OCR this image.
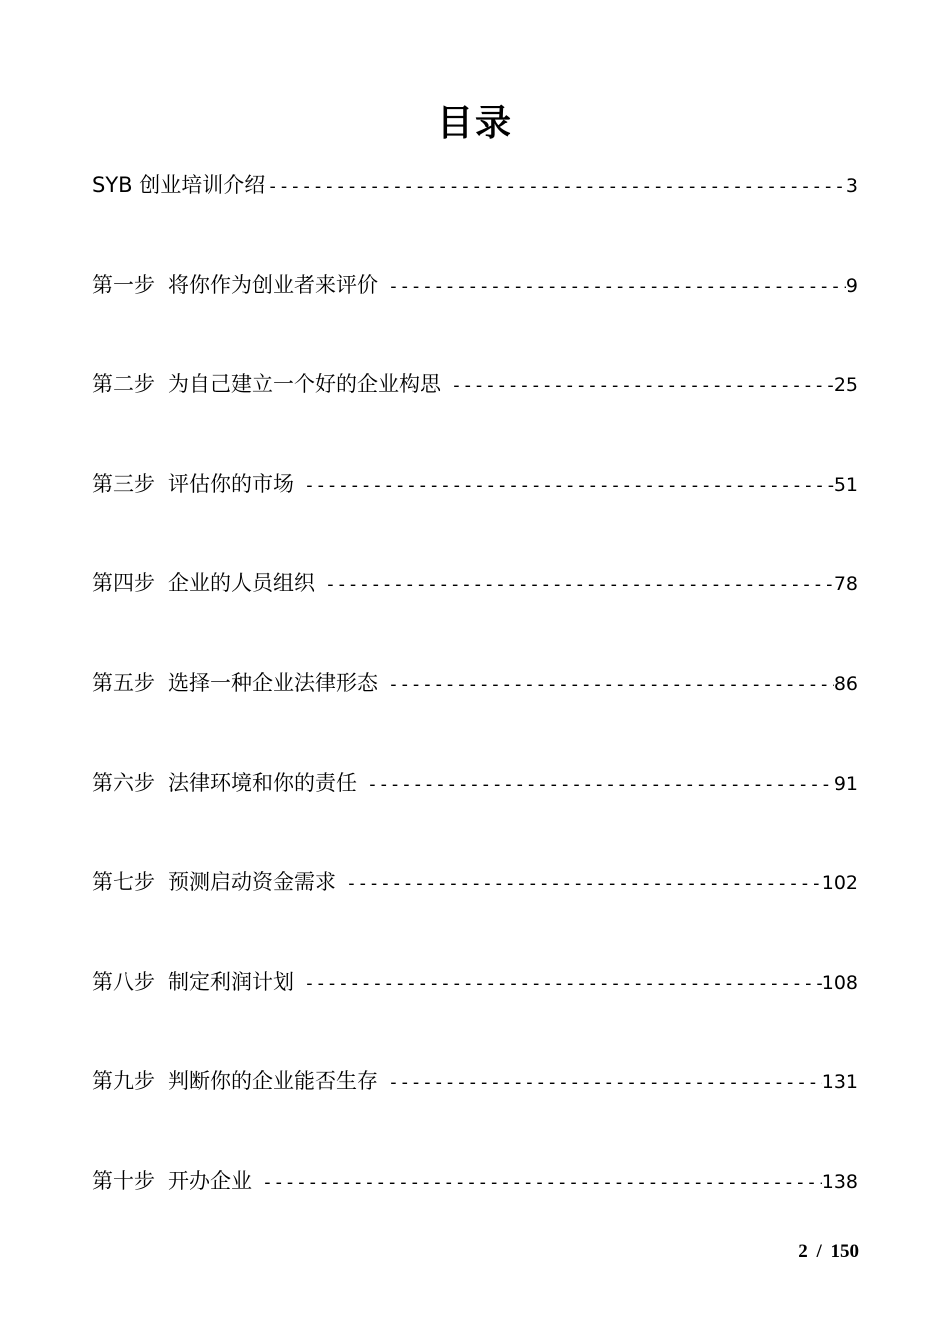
目录
SYB 创业培训介绍 -----	3
第一步 将你作为创业者来评价 -----	9
第二步 为自己建立一个好的企业构思 -----	25
第三步 评估你的市场 -----	51
第四步 企业的人员组织 -----	78
第五步 选择一种企业法律形态 -----	86
第六步 法律环境和你的责任 -----	91
第七步 预测启动资金需求 -----	102
第八步 制定利润计划 -----	108
第九步 判断你的企业能否生存 -----	131
第十步 开办企业 -----	138
2 / 150
